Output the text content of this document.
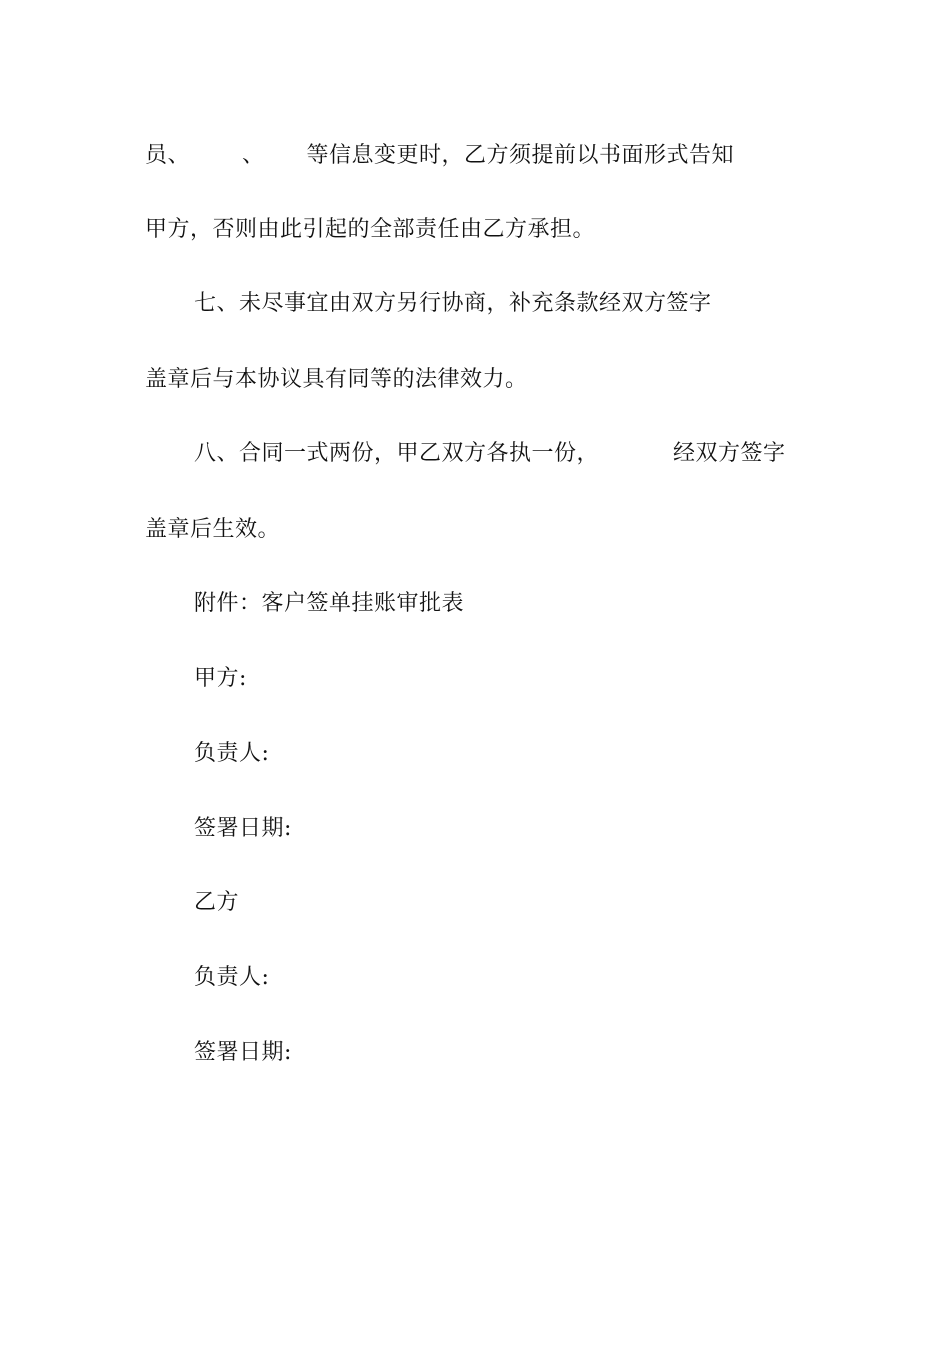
员、 、 等信息变更时，乙方须提前以书面形式告知
甲方，否则由此引起的全部责任由乙方承担。
七、未尽事宜由双方另行协商，补充条款经双方签字
盖章后与本协议具有同等的法律效力。
八、合同一式两份，甲乙双方各执一份，	经双方签字
盖章后生效。
附件：客户签单挂账审批表
甲方:
负责人:
签署日期:
乙方
负责人:
签署日期:
